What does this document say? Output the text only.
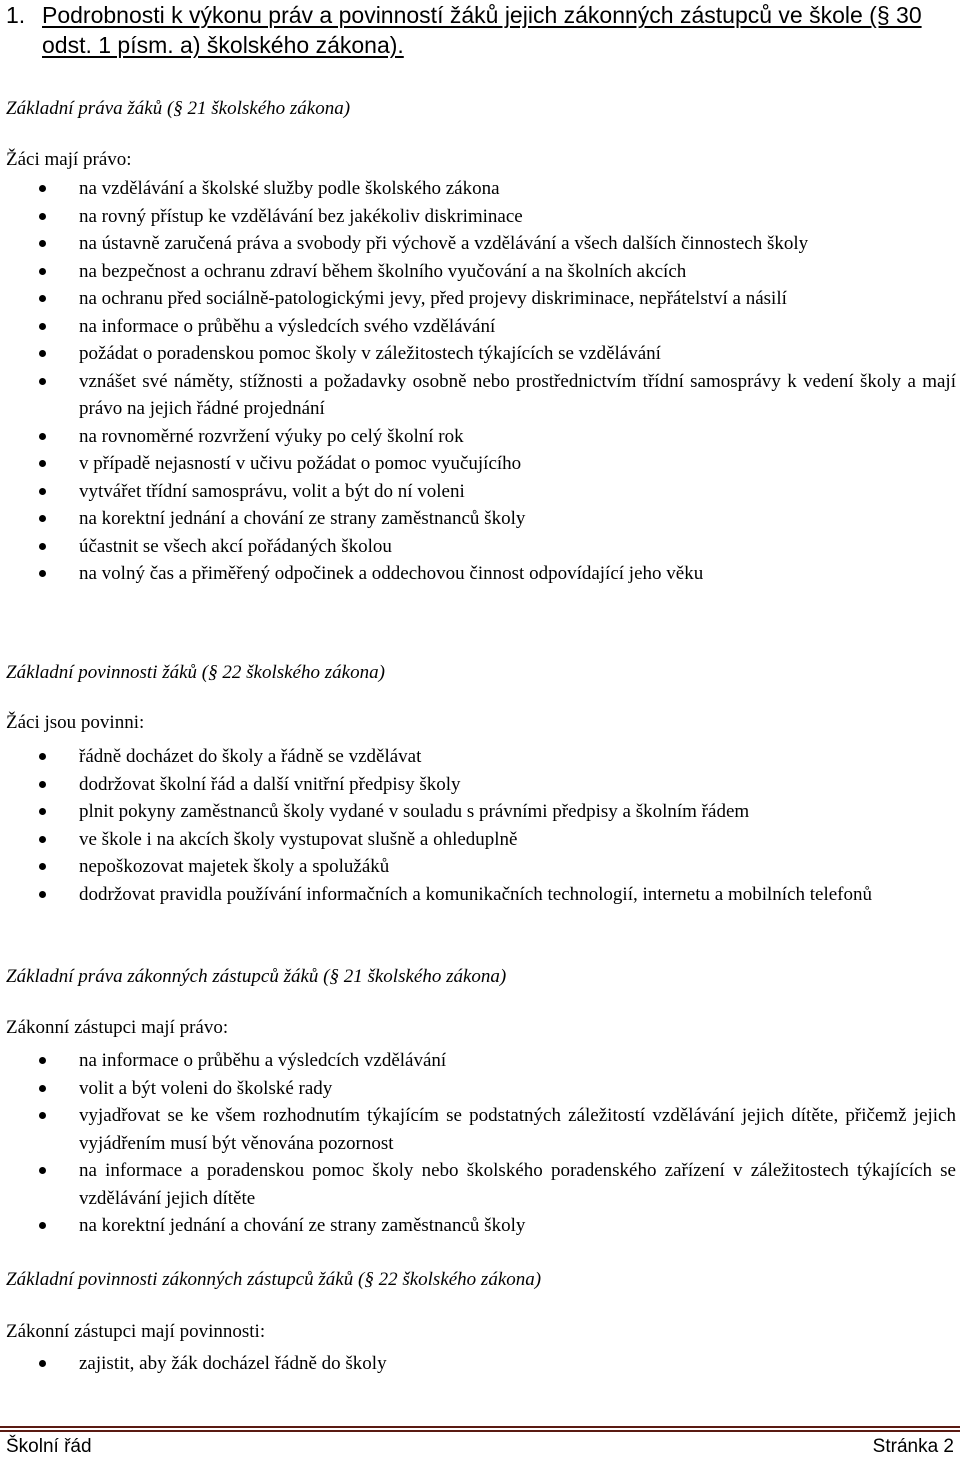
1. Podrobnosti k výkonu práv a povinností žáků jejich zákonných zástupců ve škole (§ 30 odst. 1 písm. a) školského zákona).
Základní práva žáků (§ 21 školského zákona)
Žáci mají právo:
na vzdělávání a školské služby podle školského zákona
na rovný přístup ke vzdělávání bez jakékoliv diskriminace
na ústavně zaručená práva a svobody při výchově a vzdělávání a všech dalších činnostech školy
na bezpečnost a ochranu zdraví během školního vyučování a na školních akcích
na ochranu před sociálně-patologickými jevy, před projevy diskriminace, nepřátelství a násilí
na informace o průběhu a výsledcích svého vzdělávání
požádat o poradenskou pomoc školy v záležitostech týkajících se vzdělávání
vznášet své náměty, stížnosti a požadavky osobně nebo prostřednictvím třídní samosprávy k vedení školy a mají právo na jejich řádné projednání
na rovnoměrné rozvržení výuky po celý školní rok
v případě nejasností v učivu požádat o pomoc vyučujícího
vytvářet třídní samosprávu, volit a být do ní voleni
na korektní jednání a chování ze strany zaměstnanců školy
účastnit se všech akcí pořádaných školou
na volný čas a přiměřený odpočinek a oddechovou činnost odpovídající jeho věku
Základní povinnosti žáků (§ 22 školského zákona)
Žáci jsou povinni:
řádně docházet do školy a řádně se vzdělávat
dodržovat školní řád a další vnitřní předpisy školy
plnit pokyny zaměstnanců školy vydané v souladu s právními předpisy a školním řádem
ve škole i na akcích školy vystupovat slušně a ohleduplně
nepoškozovat majetek školy a spolužáků
dodržovat pravidla používání informačních a komunikačních technologií, internetu a mobilních telefonů
Základní práva zákonných zástupců žáků (§ 21 školského zákona)
Zákonní zástupci mají právo:
na informace o průběhu a výsledcích vzdělávání
volit a být voleni do školské rady
vyjadřovat se ke všem rozhodnutím týkajícím se podstatných záležitostí vzdělávání jejich dítěte, přičemž jejich vyjádřením musí být věnována pozornost
na informace a poradenskou pomoc školy nebo školského poradenského zařízení v záležitostech týkajících se vzdělávání jejich dítěte
na korektní jednání a chování ze strany zaměstnanců školy
Základní povinnosti zákonných zástupců žáků (§ 22 školského zákona)
Zákonní zástupci mají povinnosti:
zajistit, aby žák docházel řádně do školy
Školní řád	Stránka 2
